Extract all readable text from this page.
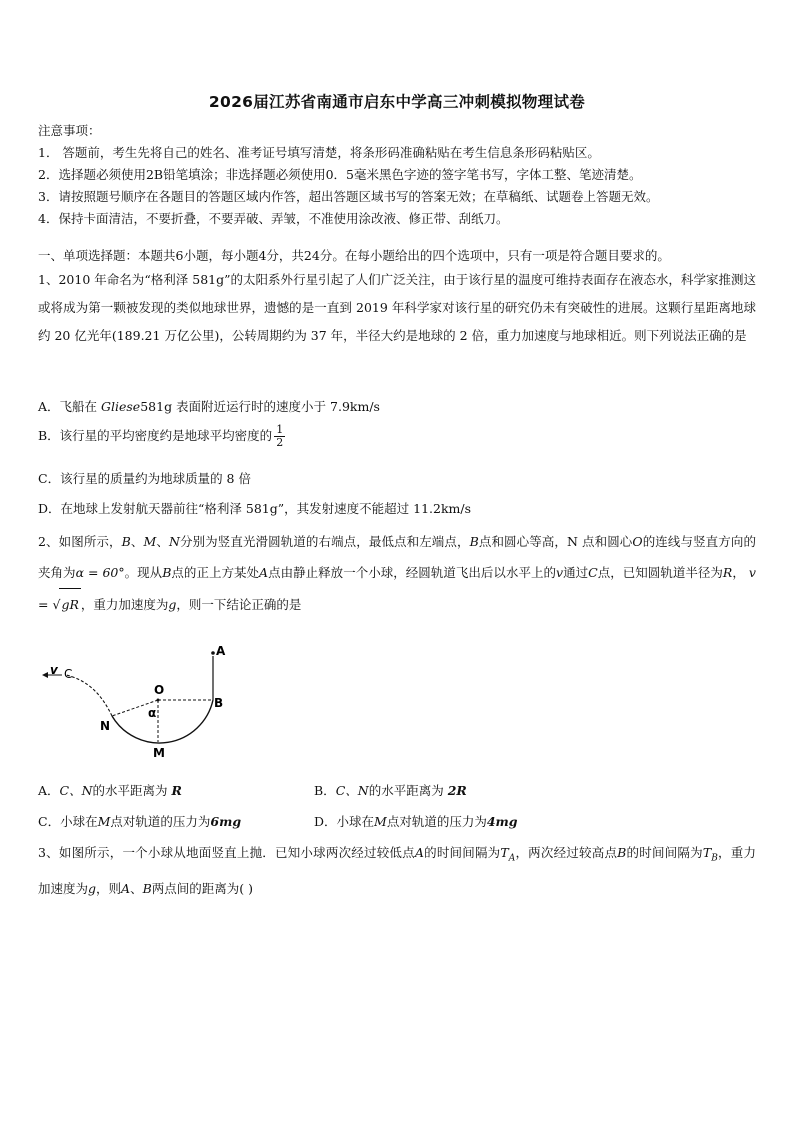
2026届江苏省南通市启东中学高三冲刺模拟物理试卷
注意事项：
1． 答题前，考生先将自己的姓名、准考证号填写清楚，将条形码准确粘贴在考生信息条形码粘贴区。
2．选择题必须使用2B铅笔填涂；非选择题必须使用0．5毫米黑色字迹的签字笔书写，字体工整、笔迹清楚。
3．请按照题号顺序在各题目的答题区域内作答，超出答题区域书写的答案无效；在草稿纸、试题卷上答题无效。
4．保持卡面清洁，不要折叠，不要弄破、弄皱，不准使用涂改液、修正带、刮纸刀。
一、单项选择题：本题共6小题，每小题4分，共24分。在每小题给出的四个选项中，只有一项是符合题目要求的。
1、2010 年命名为“格利泽 581g”的太阳系外行星引起了人们广泛关注，由于该行星的温度可维持表面存在液态水，科学家推测这或将成为第一颗被发现的类似地球世界，遗憾的是一直到 2019 年科学家对该行星的研究仍未有突破性的进展。这颗行星距离地球约 20 亿光年(189.21 万亿公里)，公转周期约为 37 年，半径大约是地球的 2 倍，重力加速度与地球相近。则下列说法正确的是
A．飞船在 Gliese581g 表面附近运行时的速度小于 7.9km/s
B．该行星的平均密度约是地球平均密度的 $\frac{1}{2}$
C．该行星的质量约为地球质量的 8 倍
D．在地球上发射航天器前往“格利泽 581g”，其发射速度不能超过 11.2km/s
2、如图所示，B、M、N分别为竖直光滑圆轨道的右端点，最低点和左端点，B点和圆心等高，N 点和圆心O的连线与竖直方向的夹角为α = 60°。现从B点的正上方某处A点由静止释放一个小球，经圆轨道飞出后以水平上的v通过C点，已知圆轨道半径为R， v = √gR ，重力加速度为g，则一下结论正确的是
v C
O
α
N
M
B
A
A．C、N的水平距离为 R	B．C、N的水平距离为 2R
C．小球在M点对轨道的压力为6mg	D．小球在M点对轨道的压力为4mg
3、如图所示，一个小球从地面竖直上抛．已知小球两次经过较低点A的时间间隔为$T_A$，两次经过较高点B的时间间隔为$T_B$，重力加速度为g，则A、B两点间的距离为( )
